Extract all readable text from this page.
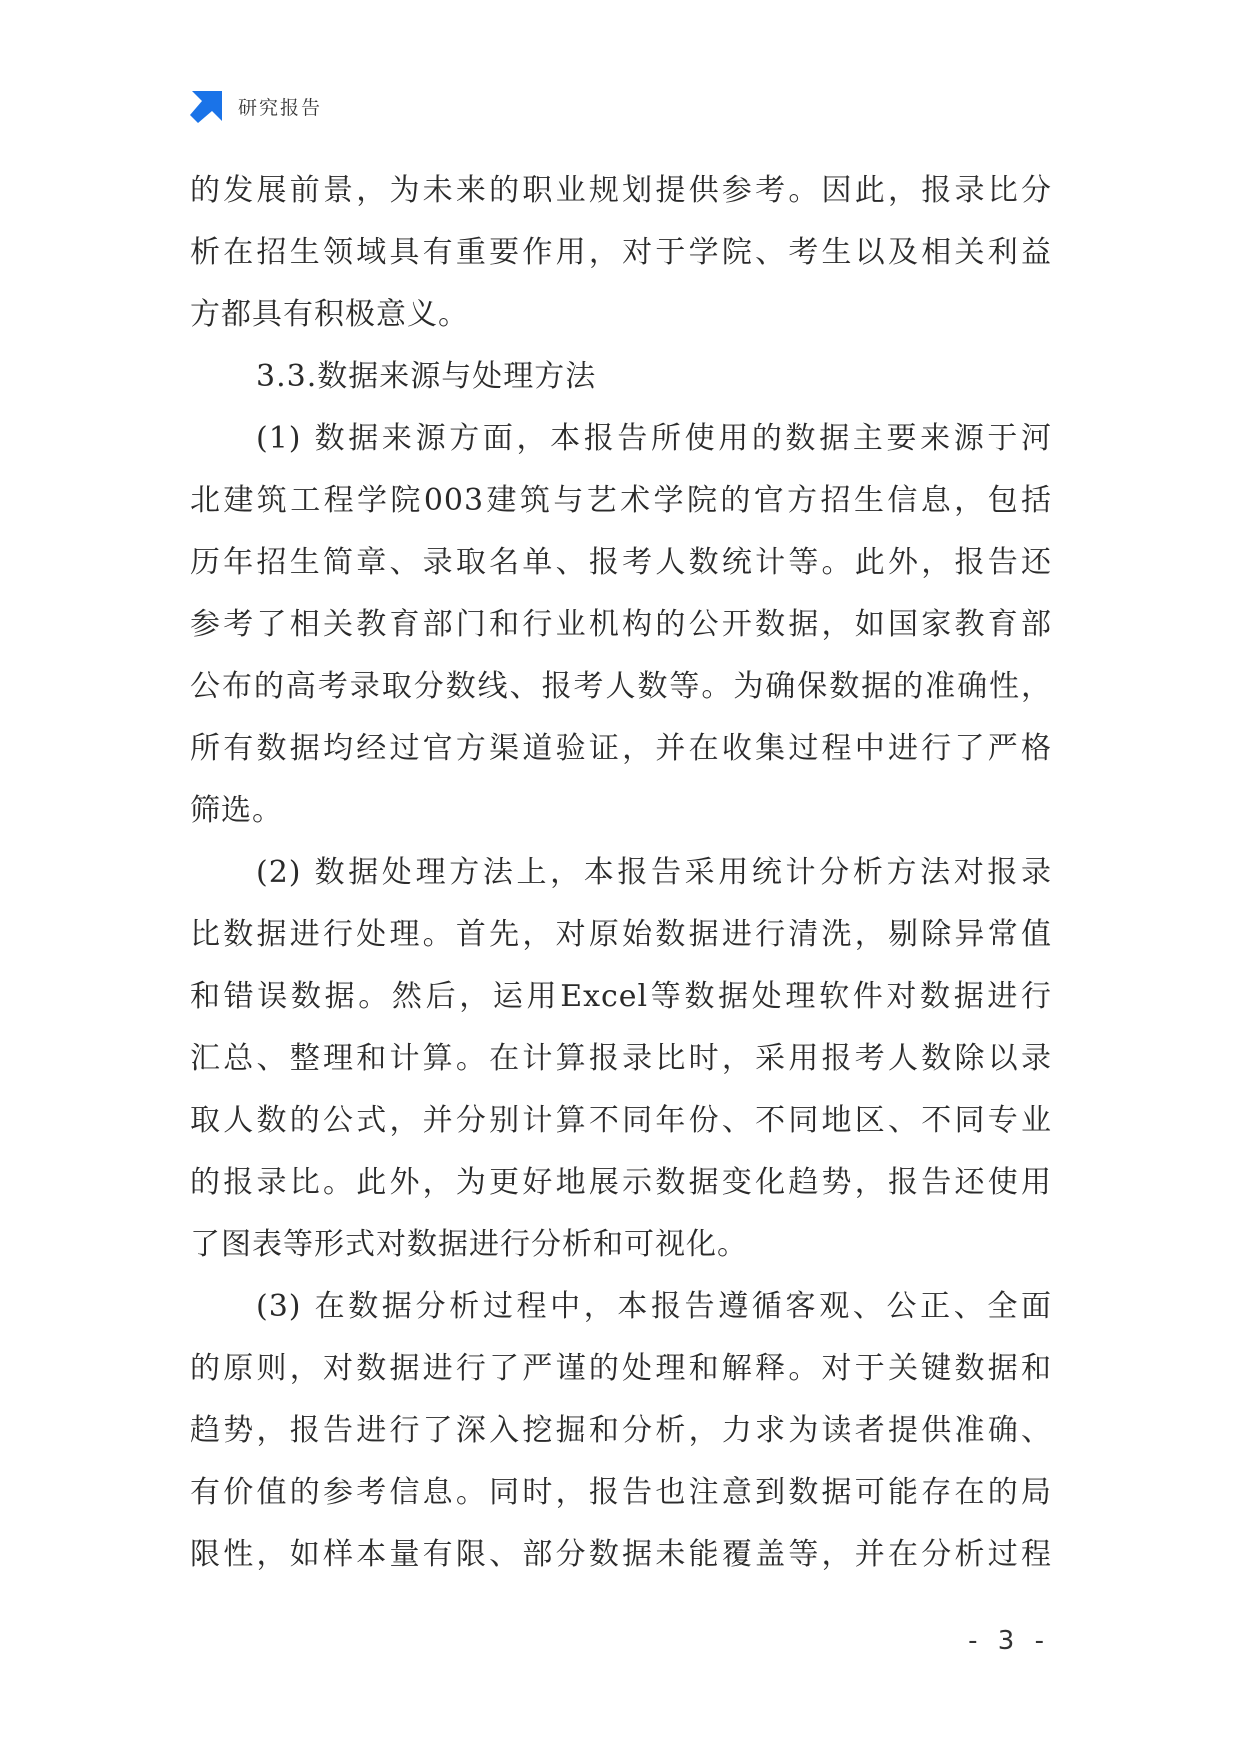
研究报告
的发展前景，为未来的职业规划提供参考。因此，报录比分
析在招生领域具有重要作用，对于学院、考生以及相关利益
方都具有积极意义。
3.3.数据来源与处理方法
(1) 数据来源方面，本报告所使用的数据主要来源于河
北建筑工程学院003建筑与艺术学院的官方招生信息，包括
历年招生简章、录取名单、报考人数统计等。此外，报告还
参考了相关教育部门和行业机构的公开数据，如国家教育部
公布的高考录取分数线、报考人数等。为确保数据的准确性，
所有数据均经过官方渠道验证，并在收集过程中进行了严格
筛选。
(2) 数据处理方法上，本报告采用统计分析方法对报录
比数据进行处理。首先，对原始数据进行清洗，剔除异常值
和错误数据。然后，运用Excel等数据处理软件对数据进行
汇总、整理和计算。在计算报录比时，采用报考人数除以录
取人数的公式，并分别计算不同年份、不同地区、不同专业
的报录比。此外，为更好地展示数据变化趋势，报告还使用
了图表等形式对数据进行分析和可视化。
(3) 在数据分析过程中，本报告遵循客观、公正、全面
的原则，对数据进行了严谨的处理和解释。对于关键数据和
趋势，报告进行了深入挖掘和分析，力求为读者提供准确、
有价值的参考信息。同时，报告也注意到数据可能存在的局
限性，如样本量有限、部分数据未能覆盖等，并在分析过程
- 3 -
